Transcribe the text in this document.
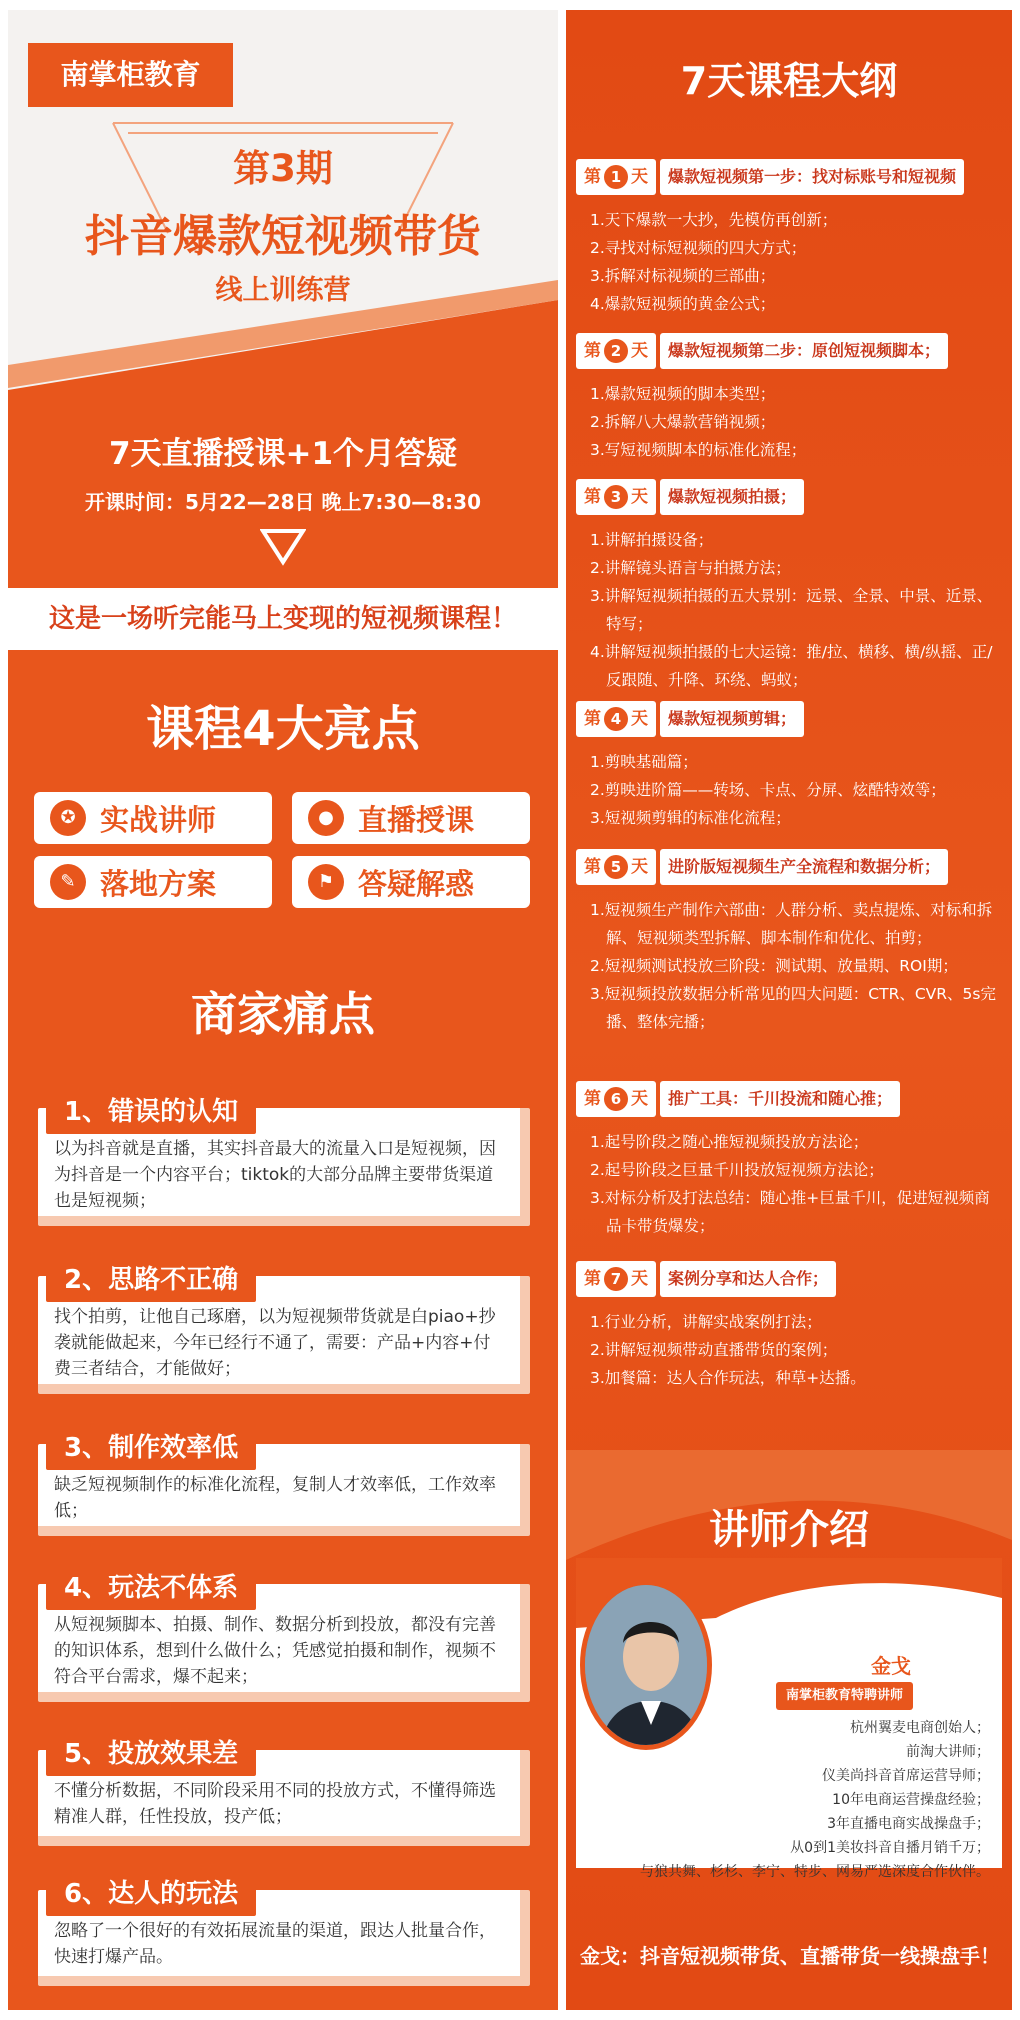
南掌柜教育
第3期
抖音爆款短视频带货
线上训练营
7天直播授课+1个月答疑
开课时间：5月22—28日 晚上7:30—8:30
这是一场听完能马上变现的短视频课程！
课程4大亮点
✪ 实战讲师	● 直播授课
✎ 落地方案	⚑ 答疑解惑
商家痛点
以为抖音就是直播，其实抖音最大的流量入口是短视频，因为抖音是一个内容平台；tiktok的大部分品牌主要带货渠道也是短视频；
1、错误的认知
找个拍剪，让他自己琢磨，以为短视频带货就是白piao+抄袭就能做起来，今年已经行不通了，需要：产品+内容+付费三者结合，才能做好；
2、思路不正确
缺乏短视频制作的标准化流程，复制人才效率低，工作效率低；
3、制作效率低
从短视频脚本、拍摄、制作、数据分析到投放，都没有完善的知识体系，想到什么做什么；凭感觉拍摄和制作，视频不符合平台需求，爆不起来；
4、玩法不体系
不懂分析数据，不同阶段采用不同的投放方式，不懂得筛选精准人群，任性投放，投产低；
5、投放效果差
忽略了一个很好的有效拓展流量的渠道，跟达人批量合作，快速打爆产品。
6、达人的玩法
7天课程大纲
第 1 天	爆款短视频第一步：找对标账号和短视频
1.天下爆款一大抄，先模仿再创新；
2.寻找对标短视频的四大方式；
3.拆解对标视频的三部曲；
4.爆款短视频的黄金公式；
第 2 天	爆款短视频第二步：原创短视频脚本；
1.爆款短视频的脚本类型；
2.拆解八大爆款营销视频；
3.写短视频脚本的标准化流程；
第 3 天	爆款短视频拍摄；
1.讲解拍摄设备；
2.讲解镜头语言与拍摄方法；
3.讲解短视频拍摄的五大景别：远景、全景、中景、近景、特写；
4.讲解短视频拍摄的七大运镜：推/拉、横移、横/纵摇、正/反跟随、升降、环绕、蚂蚁；
第 4 天	爆款短视频剪辑；
1.剪映基础篇；
2.剪映进阶篇——转场、卡点、分屏、炫酷特效等；
3.短视频剪辑的标准化流程；
第 5 天	进阶版短视频生产全流程和数据分析；
1.短视频生产制作六部曲：人群分析、卖点提炼、对标和拆解、短视频类型拆解、脚本制作和优化、拍剪；
2.短视频测试投放三阶段：测试期、放量期、ROI期；
3.短视频投放数据分析常见的四大问题：CTR、CVR、5s完播、整体完播；
第 6 天	推广工具：千川投流和随心推；
1.起号阶段之随心推短视频投放方法论；
2.起号阶段之巨量千川投放短视频方法论；
3.对标分析及打法总结：随心推+巨量千川，促进短视频商品卡带货爆发；
第 7 天	案例分享和达人合作；
1.行业分析，讲解实战案例打法；
2.讲解短视频带动直播带货的案例；
3.加餐篇：达人合作玩法，种草+达播。
讲师介绍
金戈
南掌柜教育特聘讲师
杭州翼麦电商创始人；
前淘大讲师；
仪美尚抖音首席运营导师；
10年电商运营操盘经验；
3年直播电商实战操盘手；
从0到1美妆抖音自播月销千万；
与狼共舞、杉杉、李宁、特步、网易严选深度合作伙伴。
金戈：抖音短视频带货、直播带货一线操盘手！
